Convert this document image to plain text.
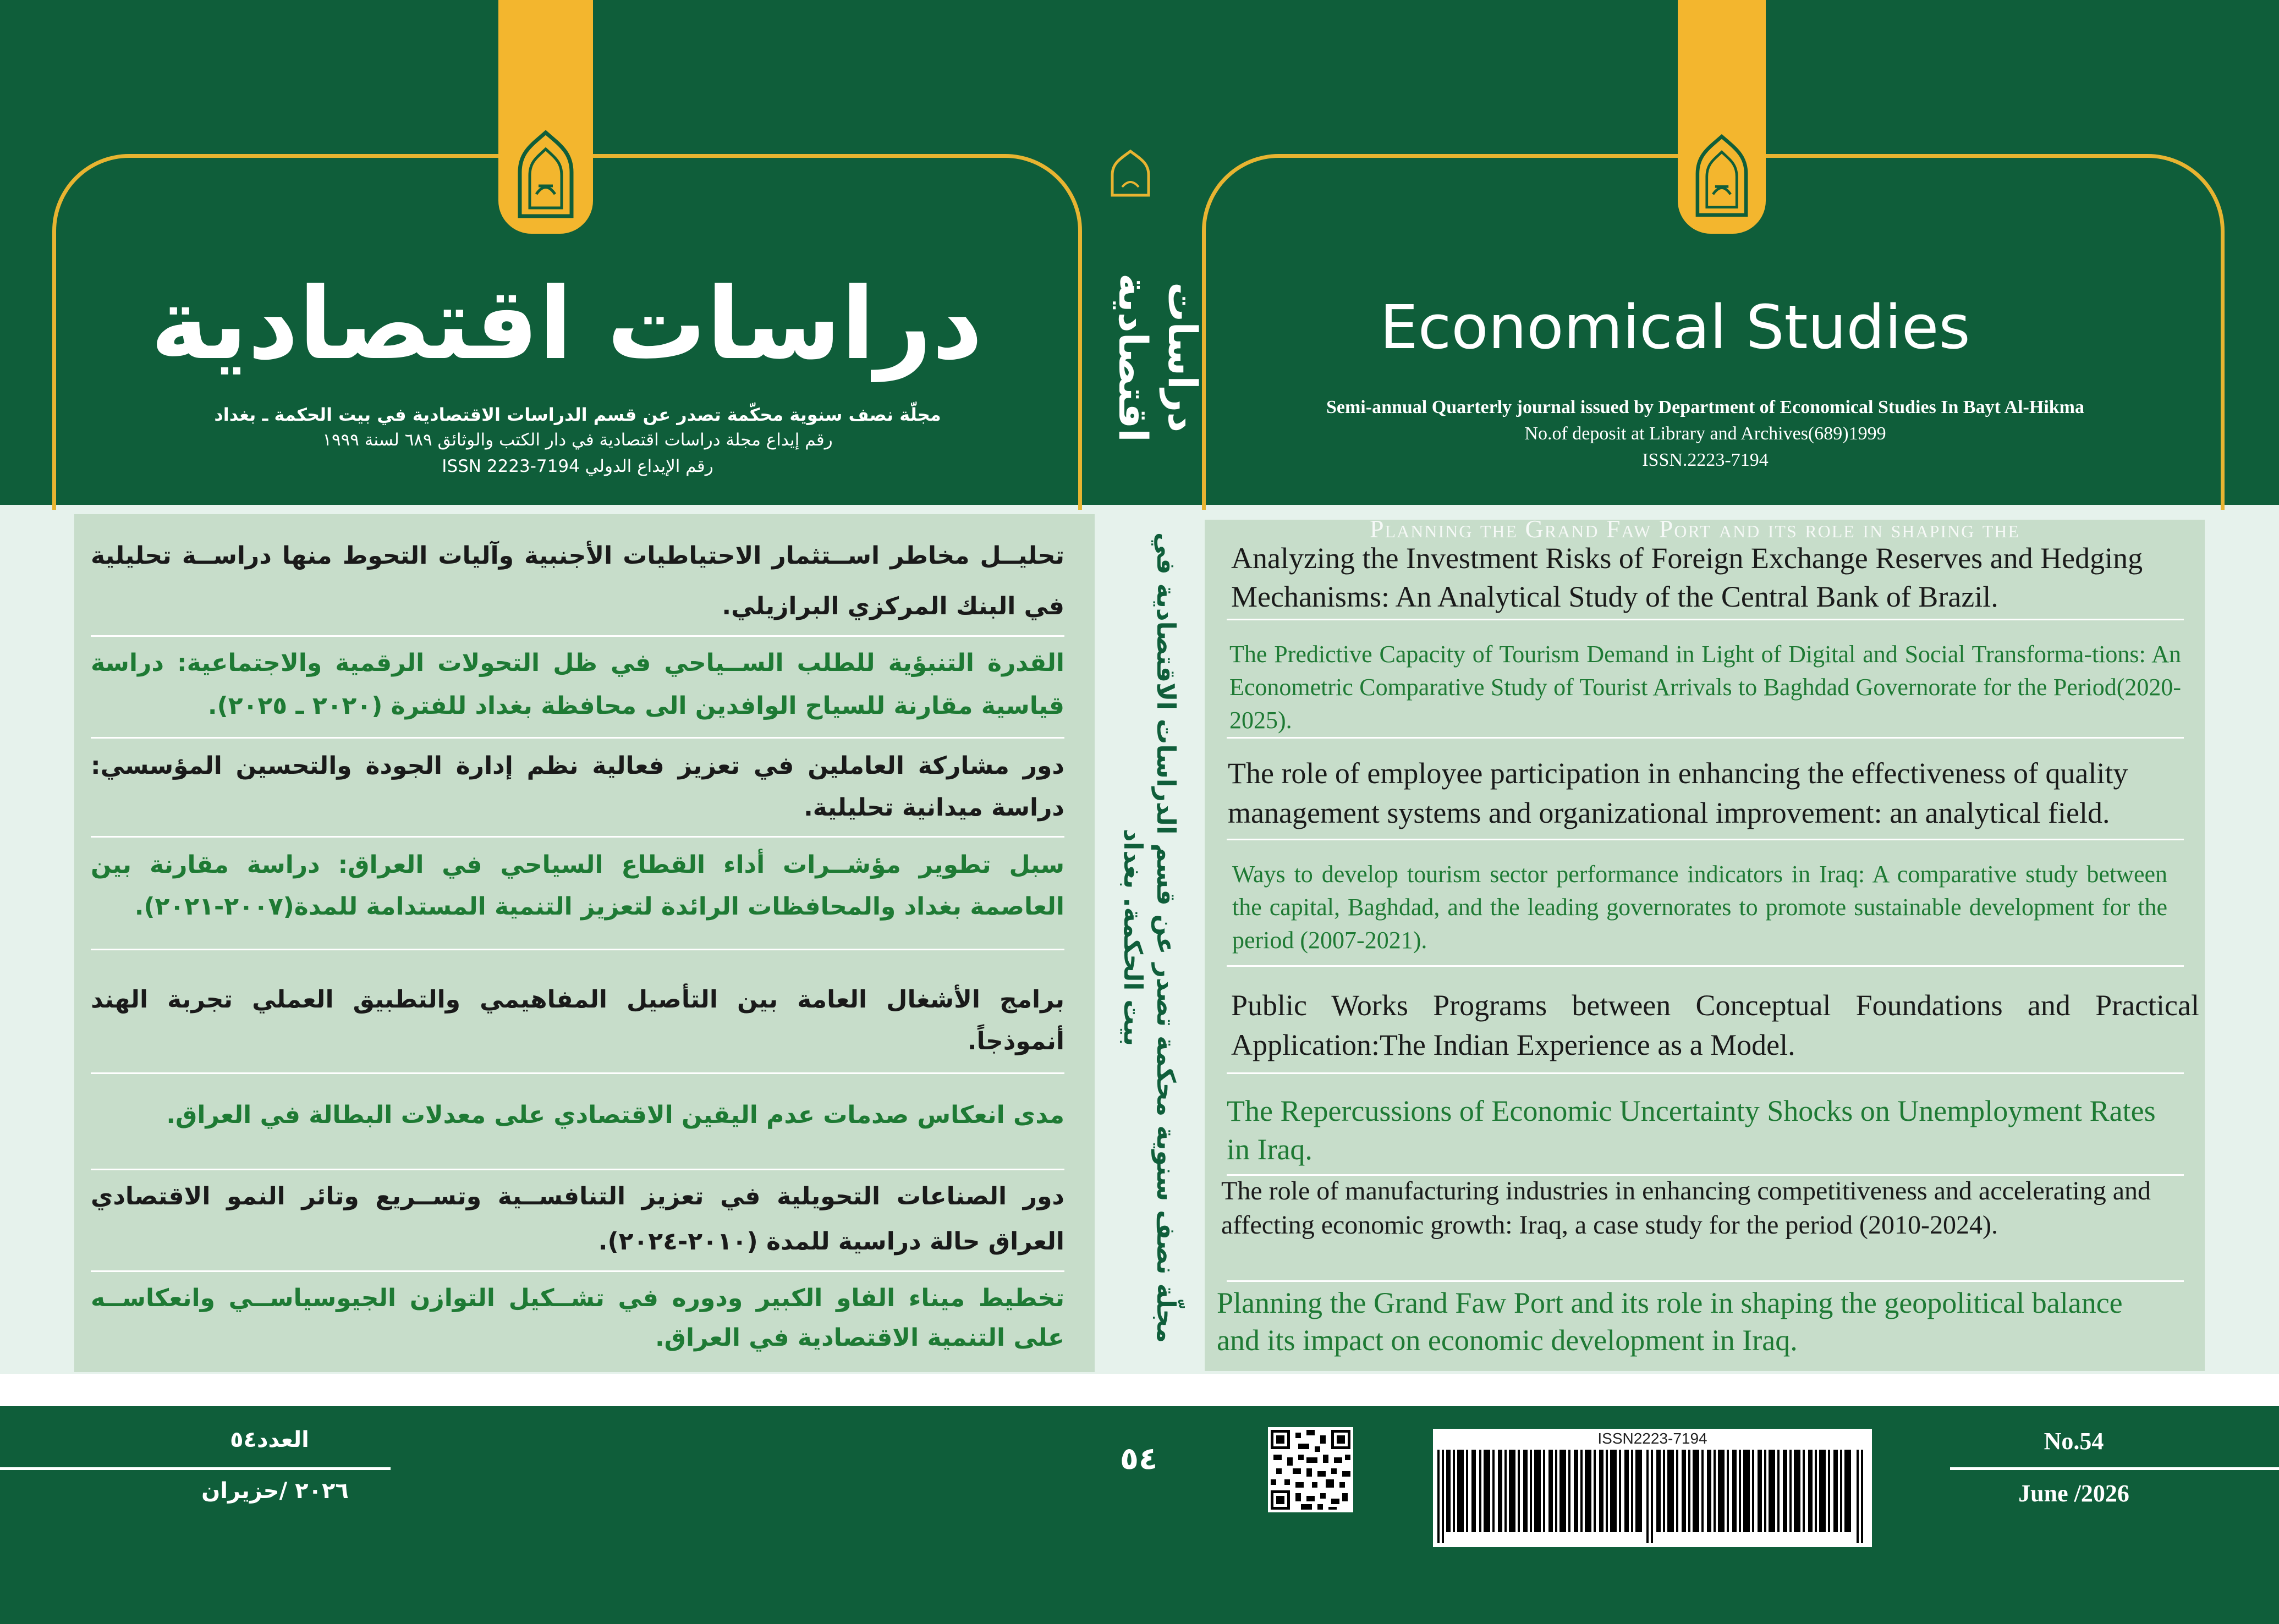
دراسات اقتصادية
مجلّة نصف سنوية محكّمة تصدر عن قسم الدراسات الاقتصادية في بيت الحكمة ـ بغداد
رقم إيداع مجلة دراسات اقتصادية في دار الكتب والوثائق ٦٨٩ لسنة ١٩٩٩
رقم الإيداع الدولي ISSN 2223-7194
تحليــل مخاطر اســتثمار الاحتياطيات الأجنبية وآليات التحوط منها دراســة تحليلية في البنك المركزي البرازيلي.
القدرة التنبؤية للطلب الســياحي في ظل التحولات الرقمية والاجتماعية: دراسة قياسية مقارنة للسياح الوافدين الى محافظة بغداد للفترة (٢٠٢٠ ـ ٢٠٢٥).
دور مشاركة العاملين في تعزيز فعالية نظم إدارة الجودة والتحسين المؤسسي: دراسة ميدانية تحليلية.
سبل تطوير مؤشــرات أداء القطاع السياحي في العراق: دراسة مقارنة بين العاصمة بغداد والمحافظات الرائدة لتعزيز التنمية المستدامة للمدة(٢٠٠٧-٢٠٢١).
برامج الأشغال العامة بين التأصيل المفاهيمي والتطبيق العملي تجربة الهند أنموذجاً.
مدى انعكاس صدمات عدم اليقين الاقتصادي على معدلات البطالة في العراق.
دور الصناعات التحويلية في تعزيز التنافســية وتســريع وتائر النمو الاقتصادي العراق حالة دراسية للمدة (٢٠١٠-٢٠٢٤).
تخطيط ميناء الفاو الكبير ودوره في تشــكيل التوازن الجيوسياســي وانعكاســه على التنمية الاقتصادية في العراق.
دراسات اقتصادية
مجلّة نصف سنوية محكمة تصدر عن قسم الدراسات الاقتصادية في بيت الحكمة. بغداد
٥٤
Economical Studies
Semi-annual Quarterly journal issued by Department of Economical Studies In Bayt Al-Hikma
No.of deposit at Library and Archives(689)1999
ISSN.2223-7194
Planning the Grand Faw Port and its role in shaping the
Analyzing the Investment Risks of Foreign Exchange Reserves and Hedging Mechanisms: An Analytical Study of the Central Bank of Brazil.
The Predictive Capacity of Tourism Demand in Light of Digital and Social Transforma-tions: An Econometric Comparative Study of Tourist Arrivals to Baghdad Governorate for the Period(2020-2025).
The role of employee participation in enhancing the effectiveness of quality management systems and organizational improvement: an analytical field.
Ways to develop tourism sector performance indicators in Iraq: A comparative study between the capital, Baghdad, and the leading governorates to promote sustainable development for the period (2007-2021).
Public Works Programs between Conceptual Foundations and Practical Application:The Indian Experience as a Model.
The Repercussions of Economic Uncertainty Shocks on Unemployment Rates in Iraq.
The role of manufacturing industries in enhancing competitiveness and accelerating and affecting economic growth: Iraq, a case study for the period (2010-2024).
Planning the Grand Faw Port and its role in shaping the geopolitical balance and its impact on economic development in Iraq.
العدد٥٤
٢٠٢٦ /حزيران
ISSN2223-7194	No.54
June /2026
